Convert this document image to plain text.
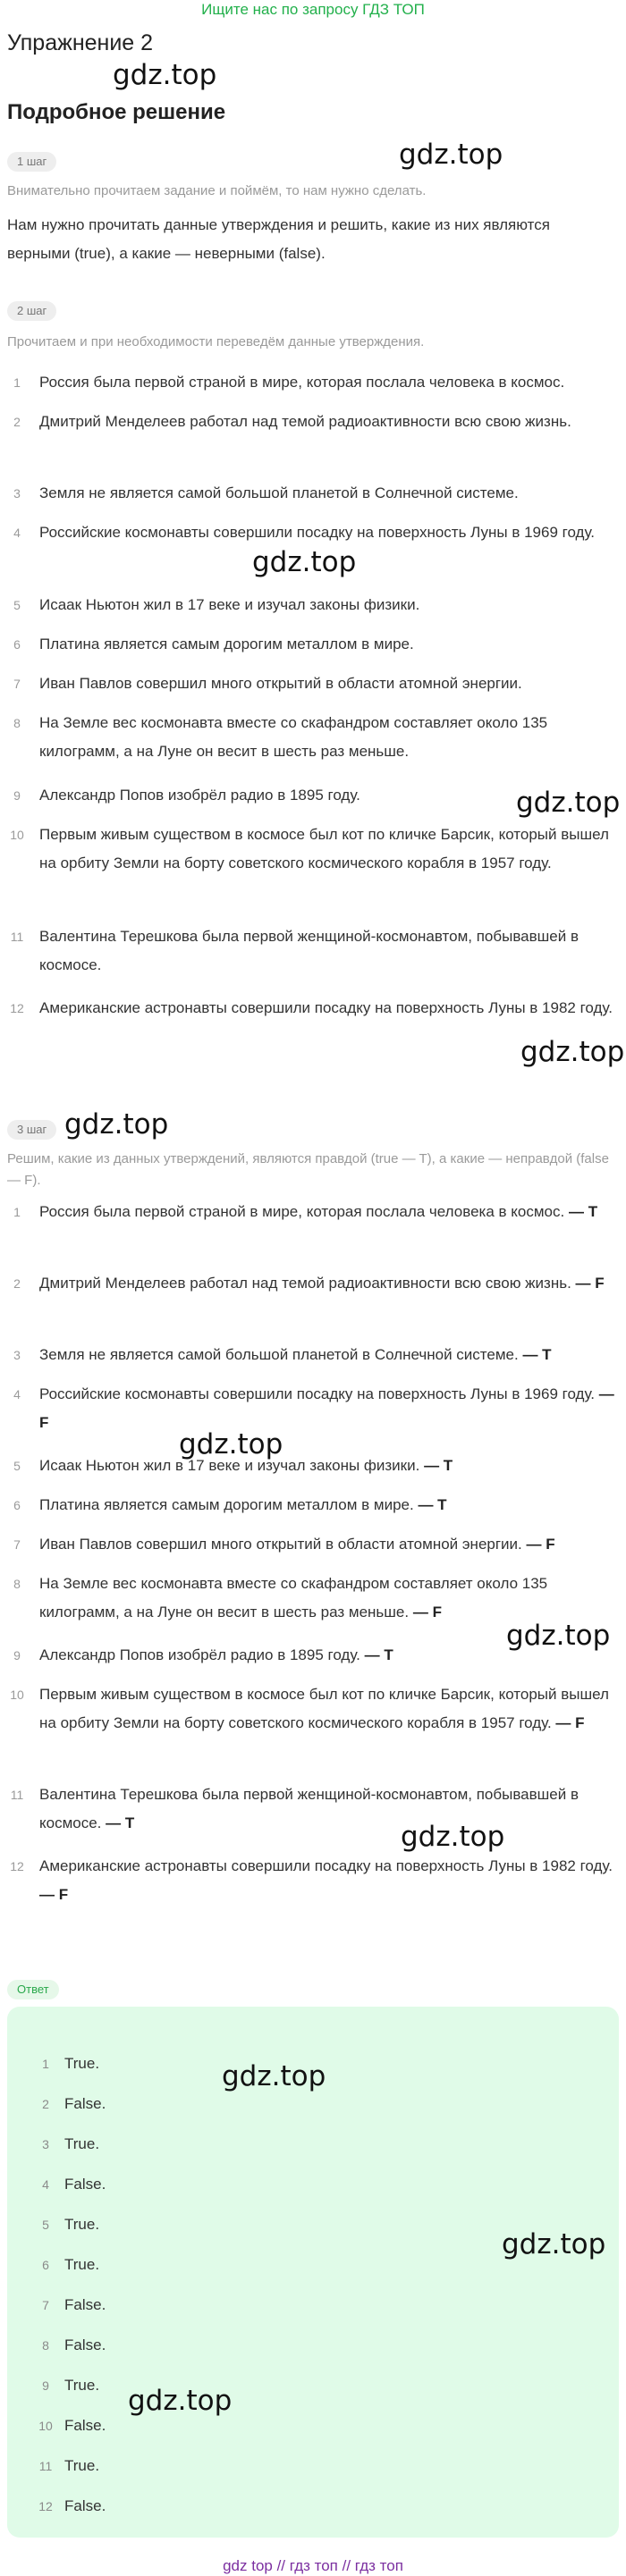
Ищите нас по запросу ГДЗ ТОП
Упражнение 2
gdz.top
Подробное решение
gdz.top
1 шаг
Внимательно прочитаем задание и поймём, то нам нужно сделать.
Нам нужно прочитать данные утверждения и решить, какие из них являются верными (true), а какие — неверными (false).
2 шаг
Прочитаем и при необходимости переведём данные утверждения.
1	Россия была первой страной в мире, которая послала человека в космос.
2	Дмитрий Менделеев работал над темой радиоактивности всю свою жизнь.
3	Земля не является самой большой планетой в Солнечной системе.
4	Российские космонавты совершили посадку на поверхность Луны в 1969 году.
5	Исаак Ньютон жил в 17 веке и изучал законы физики.
6	Платина является самым дорогим металлом в мире.
7	Иван Павлов совершил много открытий в области атомной энергии.
8	На Земле вес космонавта вместе со скафандром составляет около 135 килограмм, а на Луне он весит в шесть раз меньше.
9	Александр Попов изобрёл радио в 1895 году.
10 Первым живым существом в космосе был кот по кличке Барсик, который вышел на орбиту Земли на борту советского космического корабля в 1957 году.
11 Валентина Терешкова была первой женщиной-космонавтом, побывавшей в космосе.
12 Американские астронавты совершили посадку на поверхность Луны в 1982 году.
gdz.top
gdz.top
gdz.top
3 шаг gdz.top
Решим, какие из данных утверждений, являются правдой (true — T), а какие — неправдой (false — F).
1	Россия была первой страной в мире, которая послала человека в космос. — T
2	Дмитрий Менделеев работал над темой радиоактивности всю свою жизнь. — F
3	Земля не является самой большой планетой в Солнечной системе. — T
4	Российские космонавты совершили посадку на поверхность Луны в 1969 году. — F
5	Исаак Ньютон жил в 17 веке и изучал законы физики. — T
6	Платина является самым дорогим металлом в мире. — T
7	Иван Павлов совершил много открытий в области атомной энергии. — F
8	На Земле вес космонавта вместе со скафандром составляет около 135 килограмм, а на Луне он весит в шесть раз меньше. — F
9	Александр Попов изобрёл радио в 1895 году. — T
10 Первым живым существом в космосе был кот по кличке Барсик, который вышел на орбиту Земли на борту советского космического корабля в 1957 году. — F
11 Валентина Терешкова была первой женщиной-космонавтом, побывавшей в космосе. — T
12 Американские астронавты совершили посадку на поверхность Луны в 1982 году. — F
gdz.top
gdz.top
gdz.top
Ответ
1 True.
2 False.
3 True.
4 False.
5 True.
6 True.
7 False.
8 False.
9 True.
10 False.
11 True.
12 False.
gdz.top
gdz.top
gdz.top
gdz top // гдз топ // гдз топ
